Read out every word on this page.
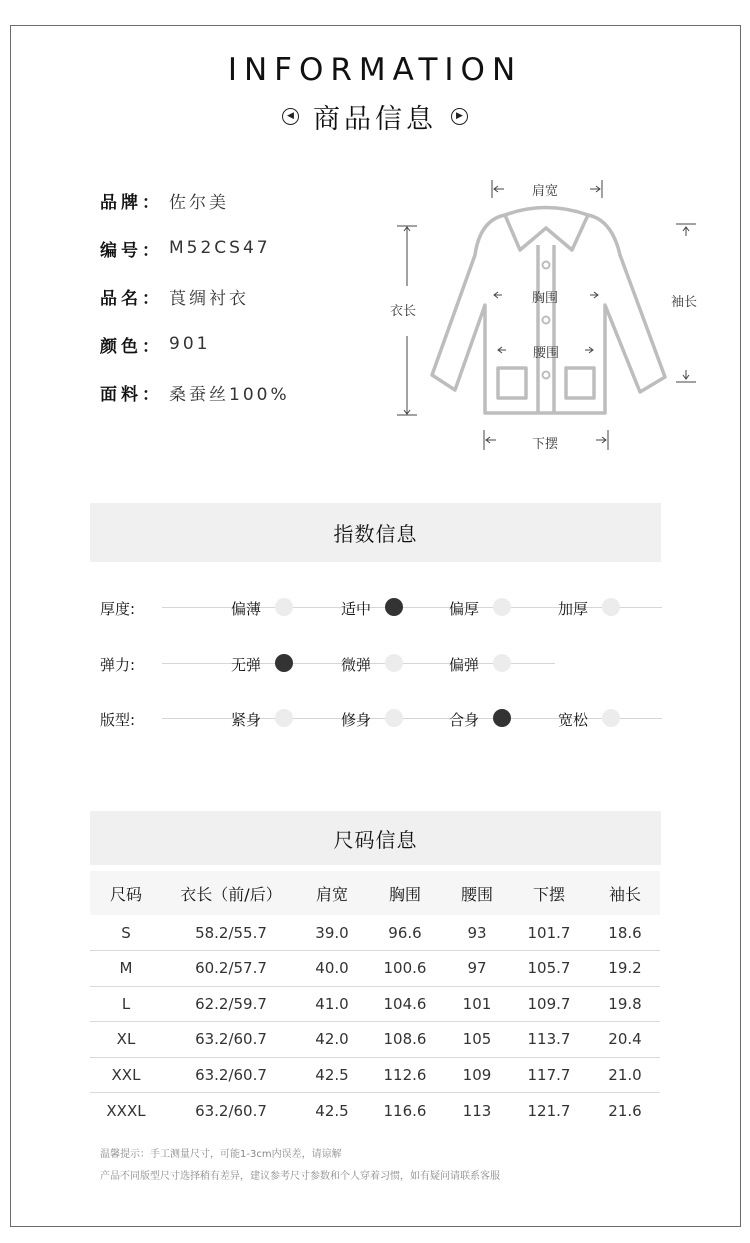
INFORMATION
◀ 商品信息	▶
品牌： 佐尔美
编号： M52CS47
品名： 莨绸衬衣
颜色： 901
面料： 桑蚕丝100%
肩宽
衣长
胸围
腰围
袖长
下摆
指数信息
厚度:	偏薄	适中	偏厚	加厚
弹力:	无弹	微弹	偏弹
版型:	紧身	修身	合身	宽松
尺码信息
尺码	衣长（前/后）	肩宽	胸围	腰围	下摆	袖长
S	58.2/55.7	39.0	96.6	93	101.7	18.6
M	60.2/57.7	40.0	100.6	97	105.7	19.2
L	62.2/59.7	41.0	104.6	101	109.7	19.8
XL	63.2/60.7	42.0	108.6	105	113.7	20.4
XXL	63.2/60.7	42.5	112.6	109	117.7	21.0
XXXL	63.2/60.7	42.5	116.6	113	121.7	21.6
温馨提示：手工测量尺寸，可能1-3cm内误差，请谅解
产品不同版型尺寸选择稍有差异，建议参考尺寸参数和个人穿着习惯，如有疑问请联系客服
